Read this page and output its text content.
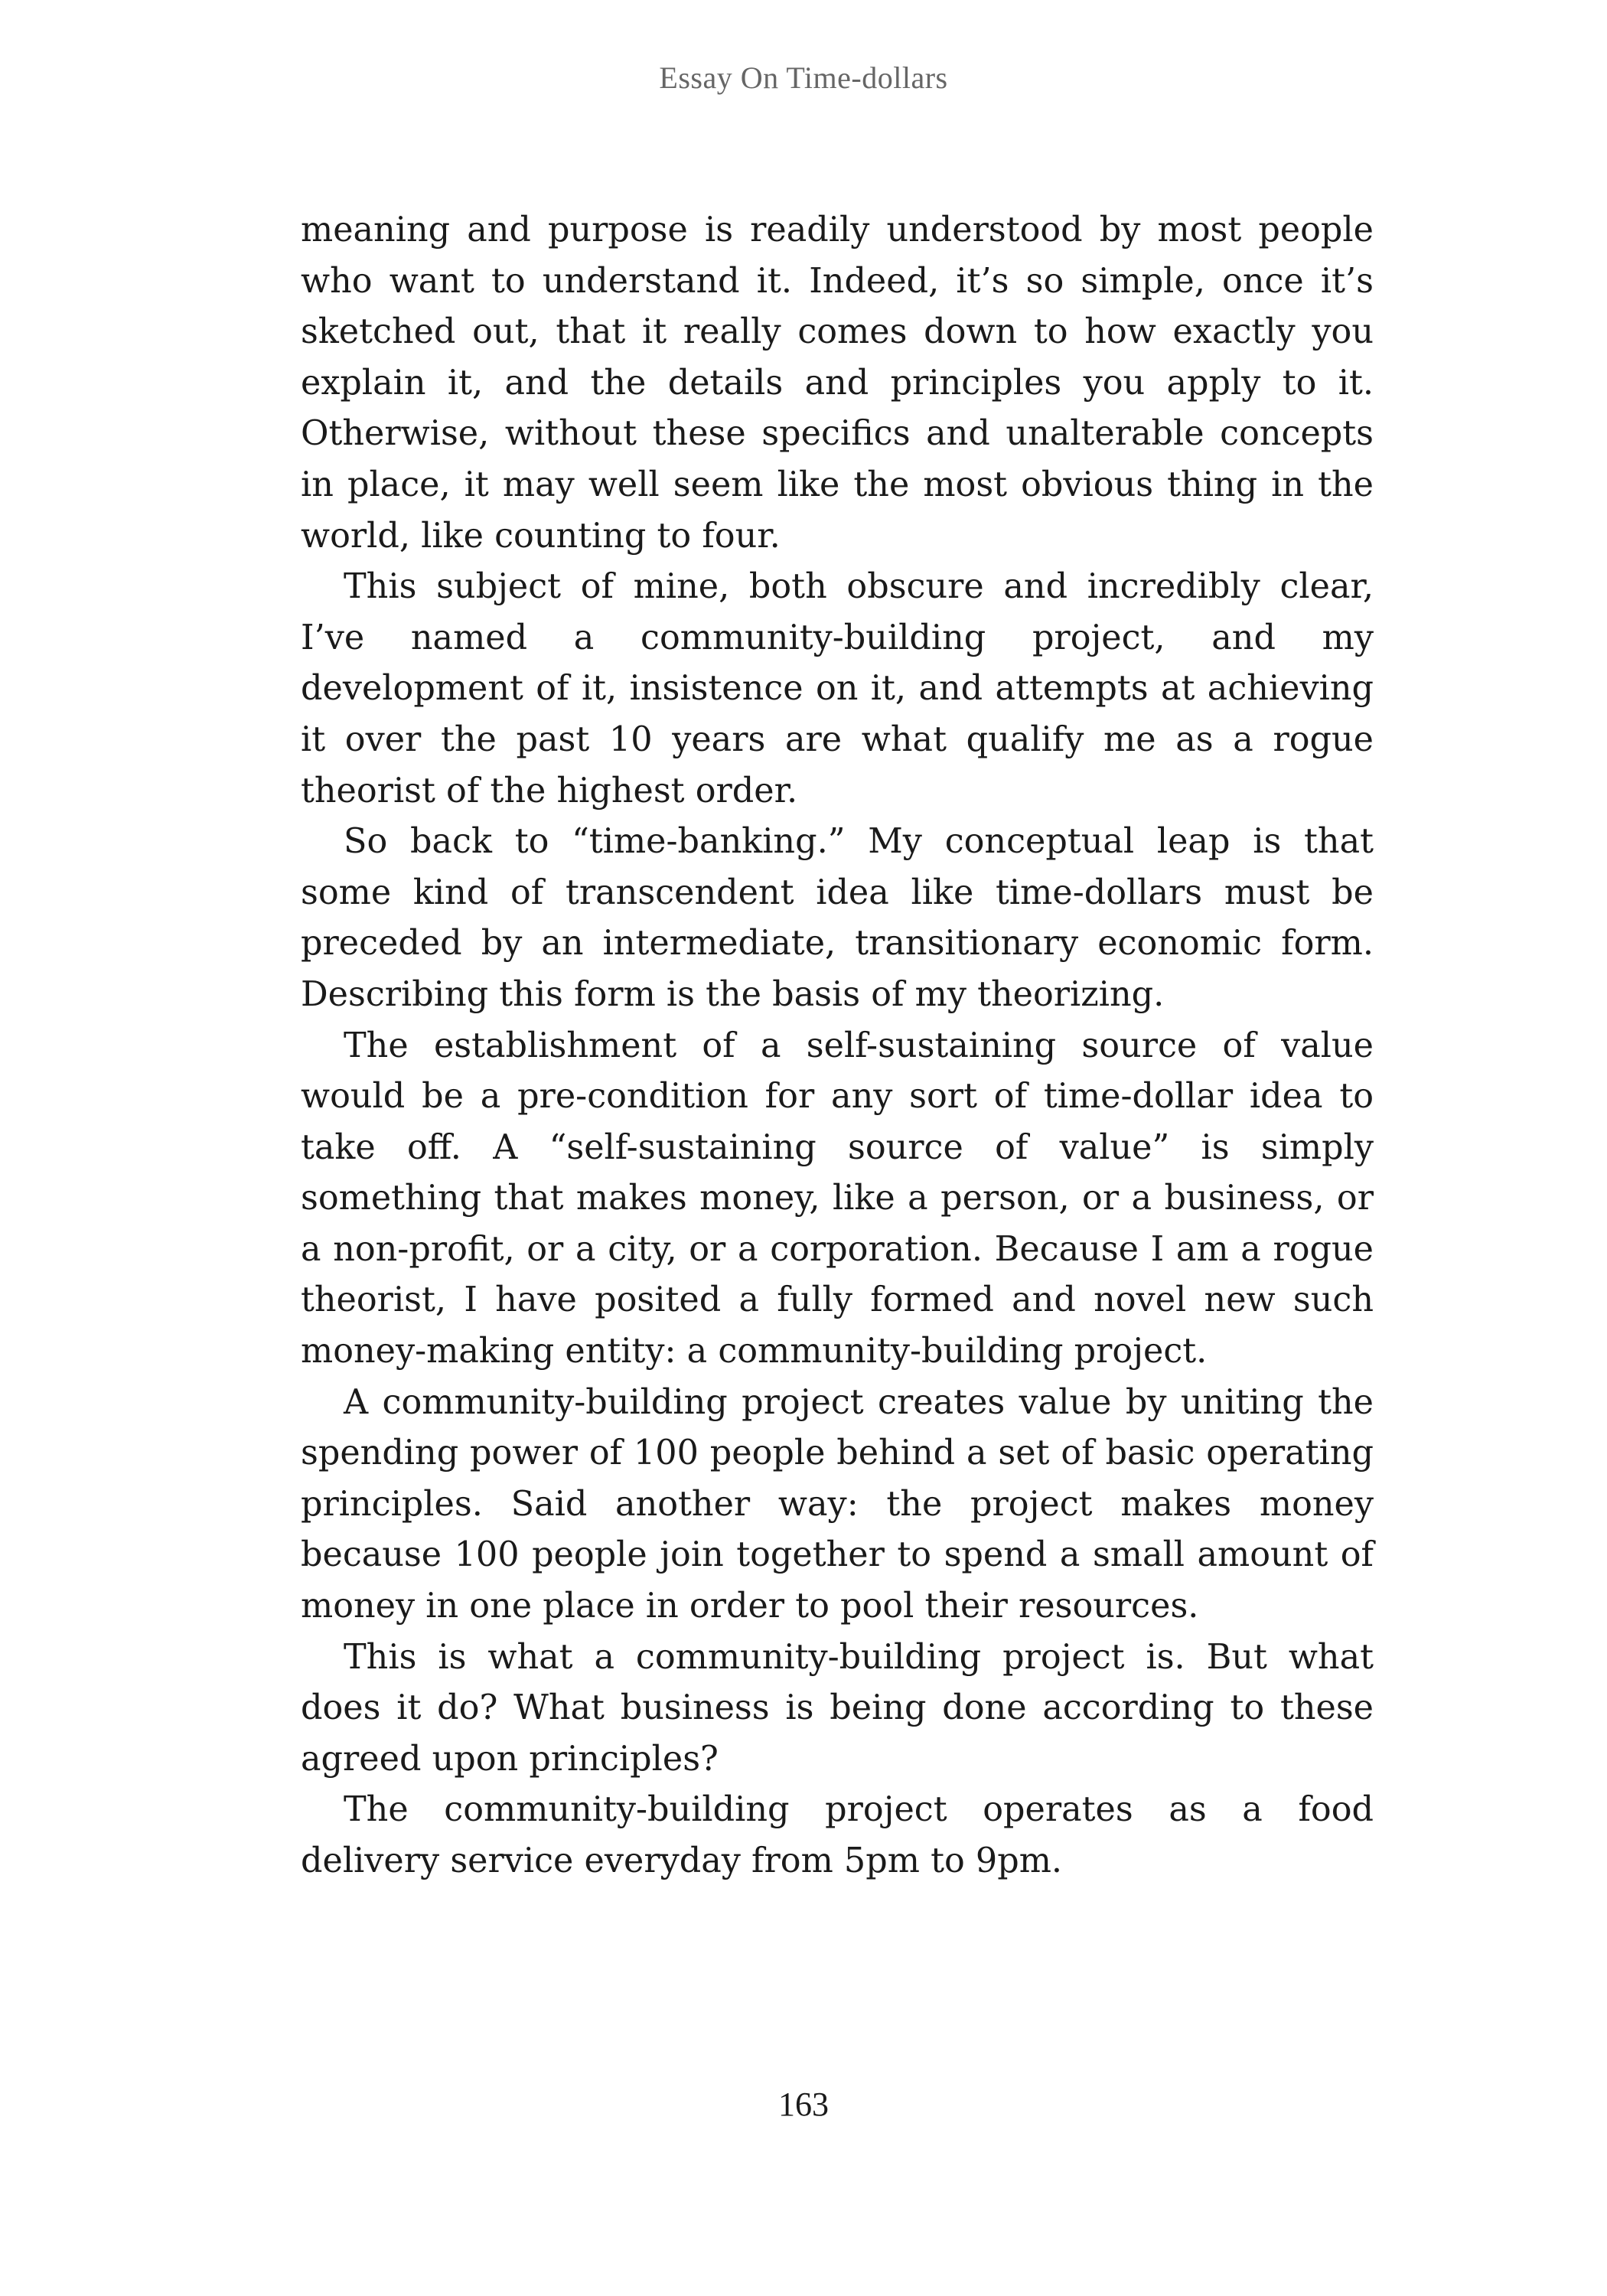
Essay On Time-dollars

meaning and purpose is readily understood by most people who want to understand it. Indeed, it’s so simple, once it’s sketched out, that it really comes down to how exactly you explain it, and the details and principles you apply to it. Otherwise, without these specifics and unalterable concepts in place, it may well seem like the most obvious thing in the world, like counting to four.

This subject of mine, both obscure and incredibly clear, I’ve named a community-building project, and my development of it, insistence on it, and attempts at achieving it over the past 10 years are what qualify me as a rogue theorist of the highest order.

So back to “time-banking.” My conceptual leap is that some kind of transcendent idea like time-dollars must be preceded by an intermediate, transitionary economic form. Describing this form is the basis of my theorizing.

The establishment of a self-sustaining source of value would be a pre-condition for any sort of time-dollar idea to take off. A “self-sustaining source of value” is simply something that makes money, like a person, or a business, or a non-profit, or a city, or a corporation. Because I am a rogue theorist, I have posited a fully formed and novel new such money-making entity: a community-building project.

A community-building project creates value by uniting the spending power of 100 people behind a set of basic operating principles. Said another way: the project makes money because 100 people join together to spend a small amount of money in one place in order to pool their resources.

This is what a community-building project is. But what does it do? What business is being done according to these agreed upon principles?

The community-building project operates as a food delivery service everyday from 5pm to 9pm.

163
